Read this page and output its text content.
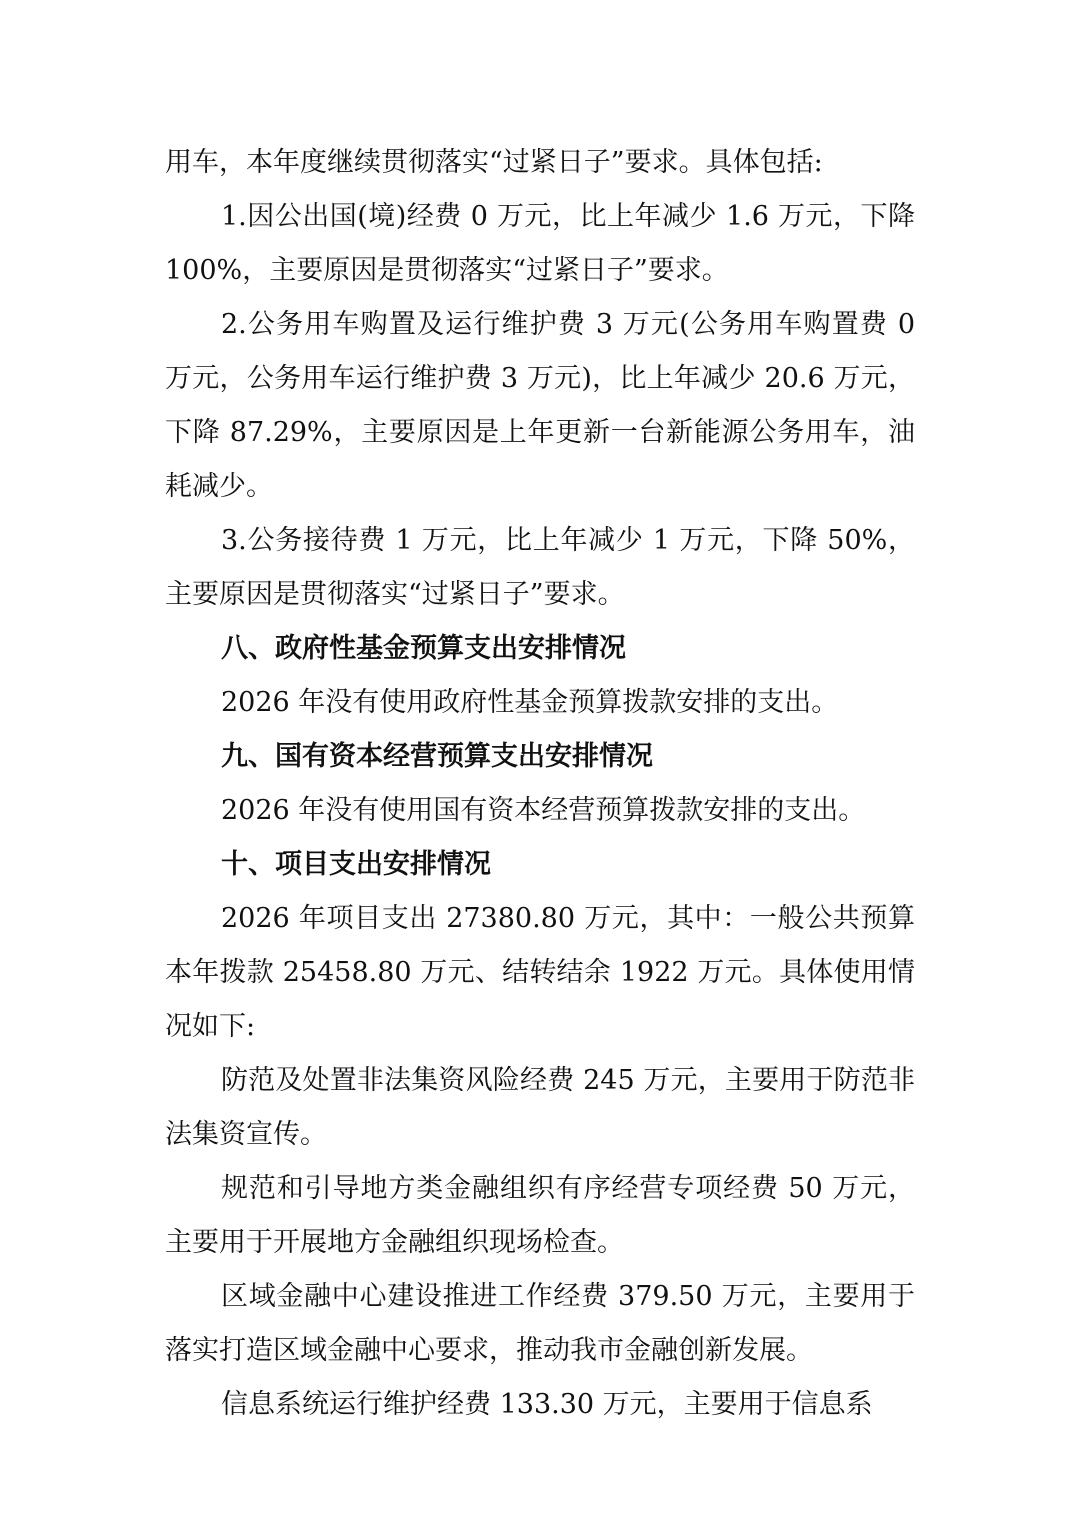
用车，本年度继续贯彻落实“过紧日子”要求。具体包括:

1.因公出国(境)经费 0 万元，比上年减少 1.6 万元，下降 100%，主要原因是贯彻落实“过紧日子”要求。

2.公务用车购置及运行维护费 3 万元(公务用车购置费 0 万元，公务用车运行维护费 3 万元)，比上年减少 20.6 万元，下降 87.29%，主要原因是上年更新一台新能源公务用车，油耗减少。

3.公务接待费 1 万元，比上年减少 1 万元，下降 50%，主要原因是贯彻落实“过紧日子”要求。

八、政府性基金预算支出安排情况

2026 年没有使用政府性基金预算拨款安排的支出。

九、国有资本经营预算支出安排情况

2026 年没有使用国有资本经营预算拨款安排的支出。

十、项目支出安排情况

2026 年项目支出 27380.80 万元，其中：一般公共预算本年拨款 25458.80 万元、结转结余 1922 万元。具体使用情况如下:

防范及处置非法集资风险经费 245 万元，主要用于防范非法集资宣传。

规范和引导地方类金融组织有序经营专项经费 50 万元，主要用于开展地方金融组织现场检查。

区域金融中心建设推进工作经费 379.50 万元，主要用于落实打造区域金融中心要求，推动我市金融创新发展。

信息系统运行维护经费 133.30 万元，主要用于信息系
